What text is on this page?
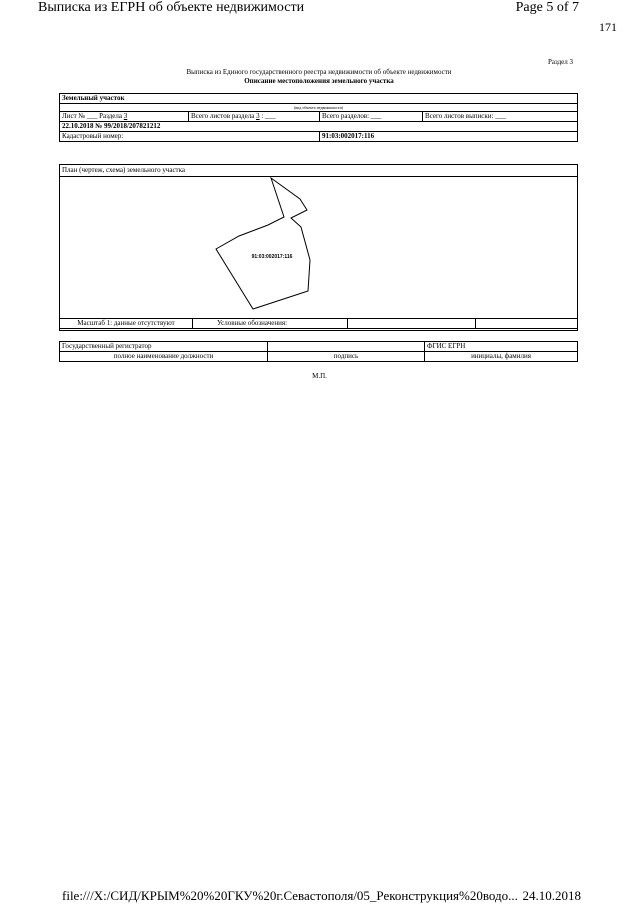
Выписка из ЕГРН об объекте недвижимости	Page 5 of 7
171
Раздел 3
Выписка из Единого государственного реестра недвижимости об объекте недвижимости
Описание местоположения земельного участка
Земельный участок			
(вид объекта недвижимости)			
Лист № ___ Раздела 3	Всего листов раздела 3 : ___	Всего разделов: ___	Всего листов выписки: ___
22.10.2018 № 99/2018/207821212			
Кадастровый номер:		91:03:002017:116	
План (чертеж, схема) земельного участка
91:03:002017:116
Масштаб 1: данные отсутствуют	Условные обозначения:		
Государственный регистратор		ФГИС ЕГРН
полное наименование должности	подпись	инициалы, фамилия
М.П.
file:///X:/СИД/КРЫМ%20%20ГКУ%20г.Севастополя/05_Реконструкция%20водо... 24.10.2018
